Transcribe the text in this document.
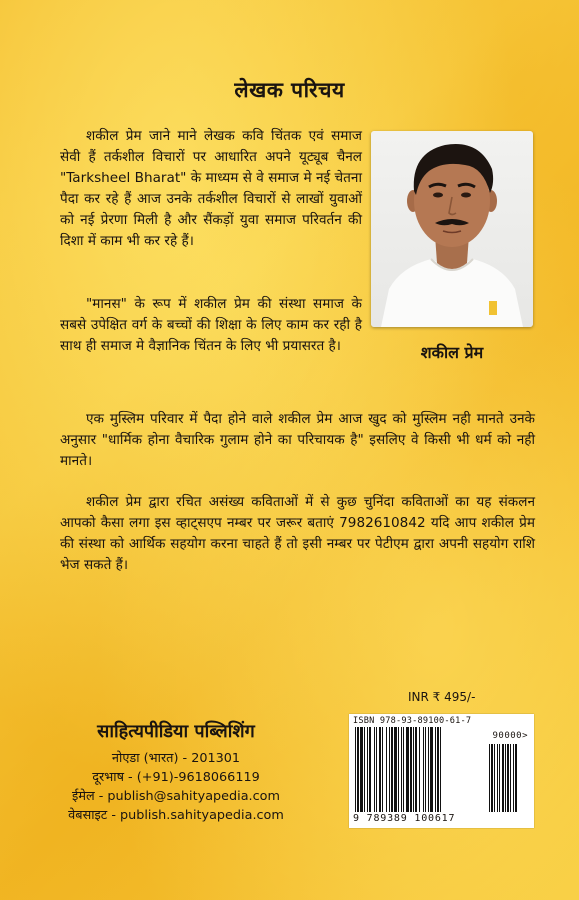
लेखक परिचय

शकील प्रेम जाने माने लेखक कवि चिंतक एवं समाज सेवी हैं तर्कशील विचारों पर आधारित अपने यूट्यूब चैनल "Tarksheel Bharat" के माध्यम से वे समाज मे नई चेतना पैदा कर रहे हैं आज उनके तर्कशील विचारों से लाखों युवाओं को नई प्रेरणा मिली है और सैंकड़ों युवा समाज परिवर्तन की दिशा में काम भी कर रहे हैं।

"मानस" के रूप में शकील प्रेम की संस्था समाज के सबसे उपेक्षित वर्ग के बच्चों की शिक्षा के लिए काम कर रही है साथ ही समाज मे वैज्ञानिक चिंतन के लिए भी प्रयासरत है।

एक मुस्लिम परिवार में पैदा होने वाले शकील प्रेम आज खुद को मुस्लिम नही मानते उनके अनुसार "धार्मिक होना वैचारिक गुलाम होने का परिचायक है" इसलिए वे किसी भी धर्म को नही मानते।

शकील प्रेम द्वारा रचित असंख्य कविताओं में से कुछ चुनिंदा कविताओं का यह संकलन आपको कैसा लगा इस व्हाट्सएप नम्बर पर जरूर बताएं 7982610842 यदि आप शकील प्रेम की संस्था को आर्थिक सहयोग करना चाहते हैं तो इसी नम्बर पर पेटीएम द्वारा अपनी सहयोग राशि भेज सकते हैं।

शकील प्रेम
INR ₹ 495/-
साहित्यपीडिया पब्लिशिंग
नोएडा (भारत) - 201301
दूरभाष - (+91)-9618066119
ईमेल - publish@sahityapedia.com
वेबसाइट - publish.sahityapedia.com
ISBN 978-93-89100-61-7
90000>
9 789389 100617
